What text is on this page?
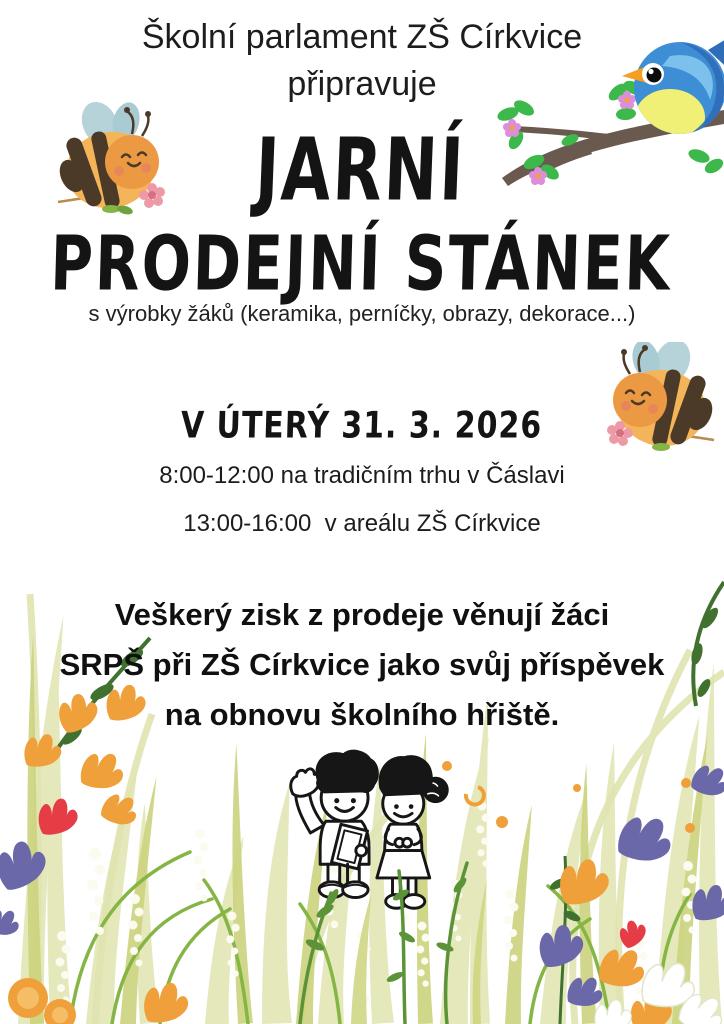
Školní parlament ZŠ Církvice
připravuje
JARNÍ
PRODEJNÍ STÁNEK
s výrobky žáků (keramika, perníčky, obrazy, dekorace...)
V ÚTERÝ 31. 3. 2026
8:00-12:00 na tradičním trhu v Čáslavi
13:00-16:00  v areálu ZŠ Církvice
Veškerý zisk z prodeje věnují žáci
SRPŠ při ZŠ Církvice jako svůj příspěvek
na obnovu školního hřiště.
